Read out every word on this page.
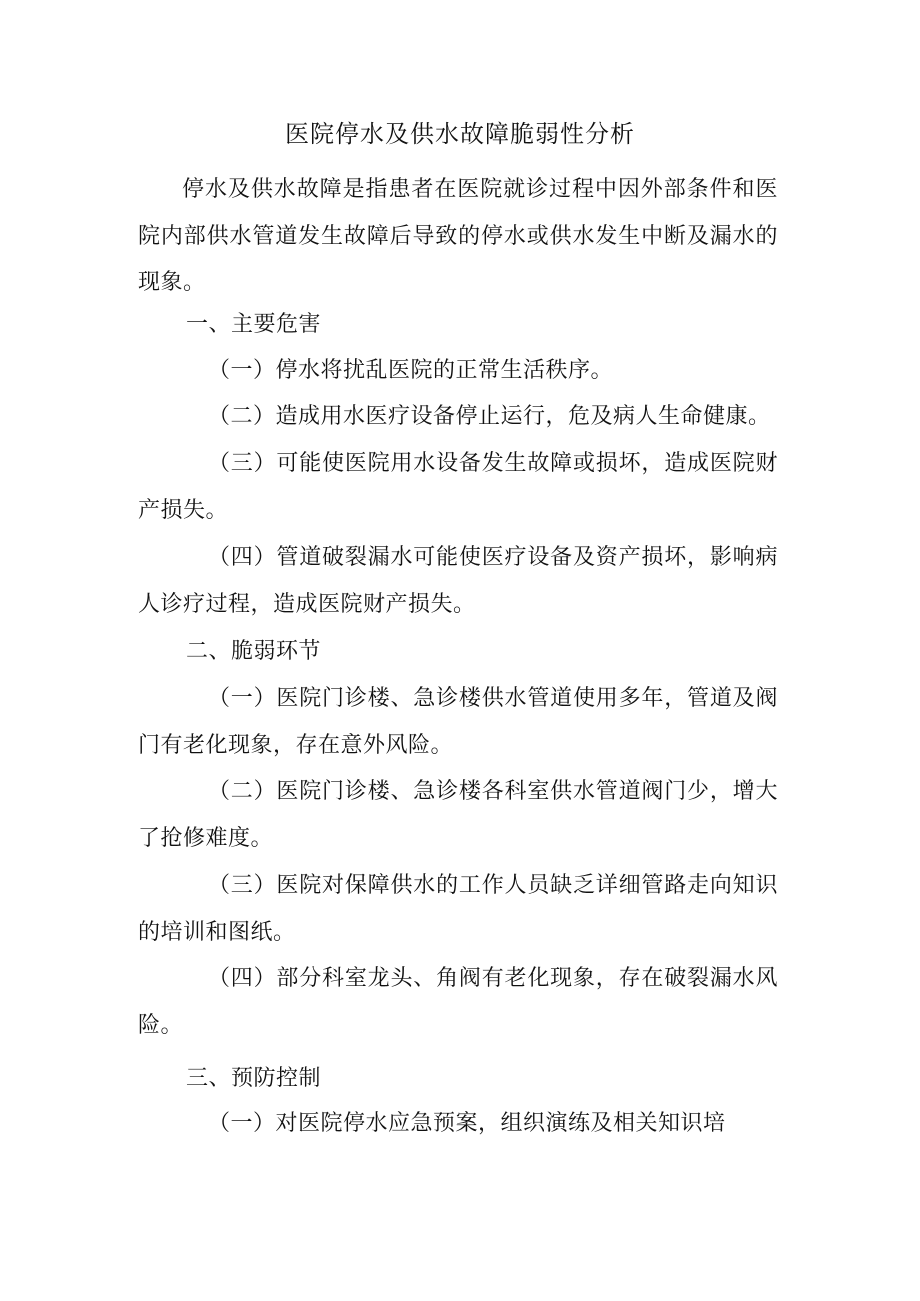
医院停水及供水故障脆弱性分析

停水及供水故障是指患者在医院就诊过程中因外部条件和医院内部供水管道发生故障后导致的停水或供水发生中断及漏水的现象。

一、主要危害

（一）停水将扰乱医院的正常生活秩序。

（二）造成用水医疗设备停止运行，危及病人生命健康。

（三）可能使医院用水设备发生故障或损坏，造成医院财产损失。

（四）管道破裂漏水可能使医疗设备及资产损坏，影响病人诊疗过程，造成医院财产损失。

二、脆弱环节

（一）医院门诊楼、急诊楼供水管道使用多年，管道及阀门有老化现象，存在意外风险。

（二）医院门诊楼、急诊楼各科室供水管道阀门少，增大了抢修难度。

（三）医院对保障供水的工作人员缺乏详细管路走向知识的培训和图纸。

（四）部分科室龙头、角阀有老化现象，存在破裂漏水风险。

三、预防控制

（一）对医院停水应急预案，组织演练及相关知识培
